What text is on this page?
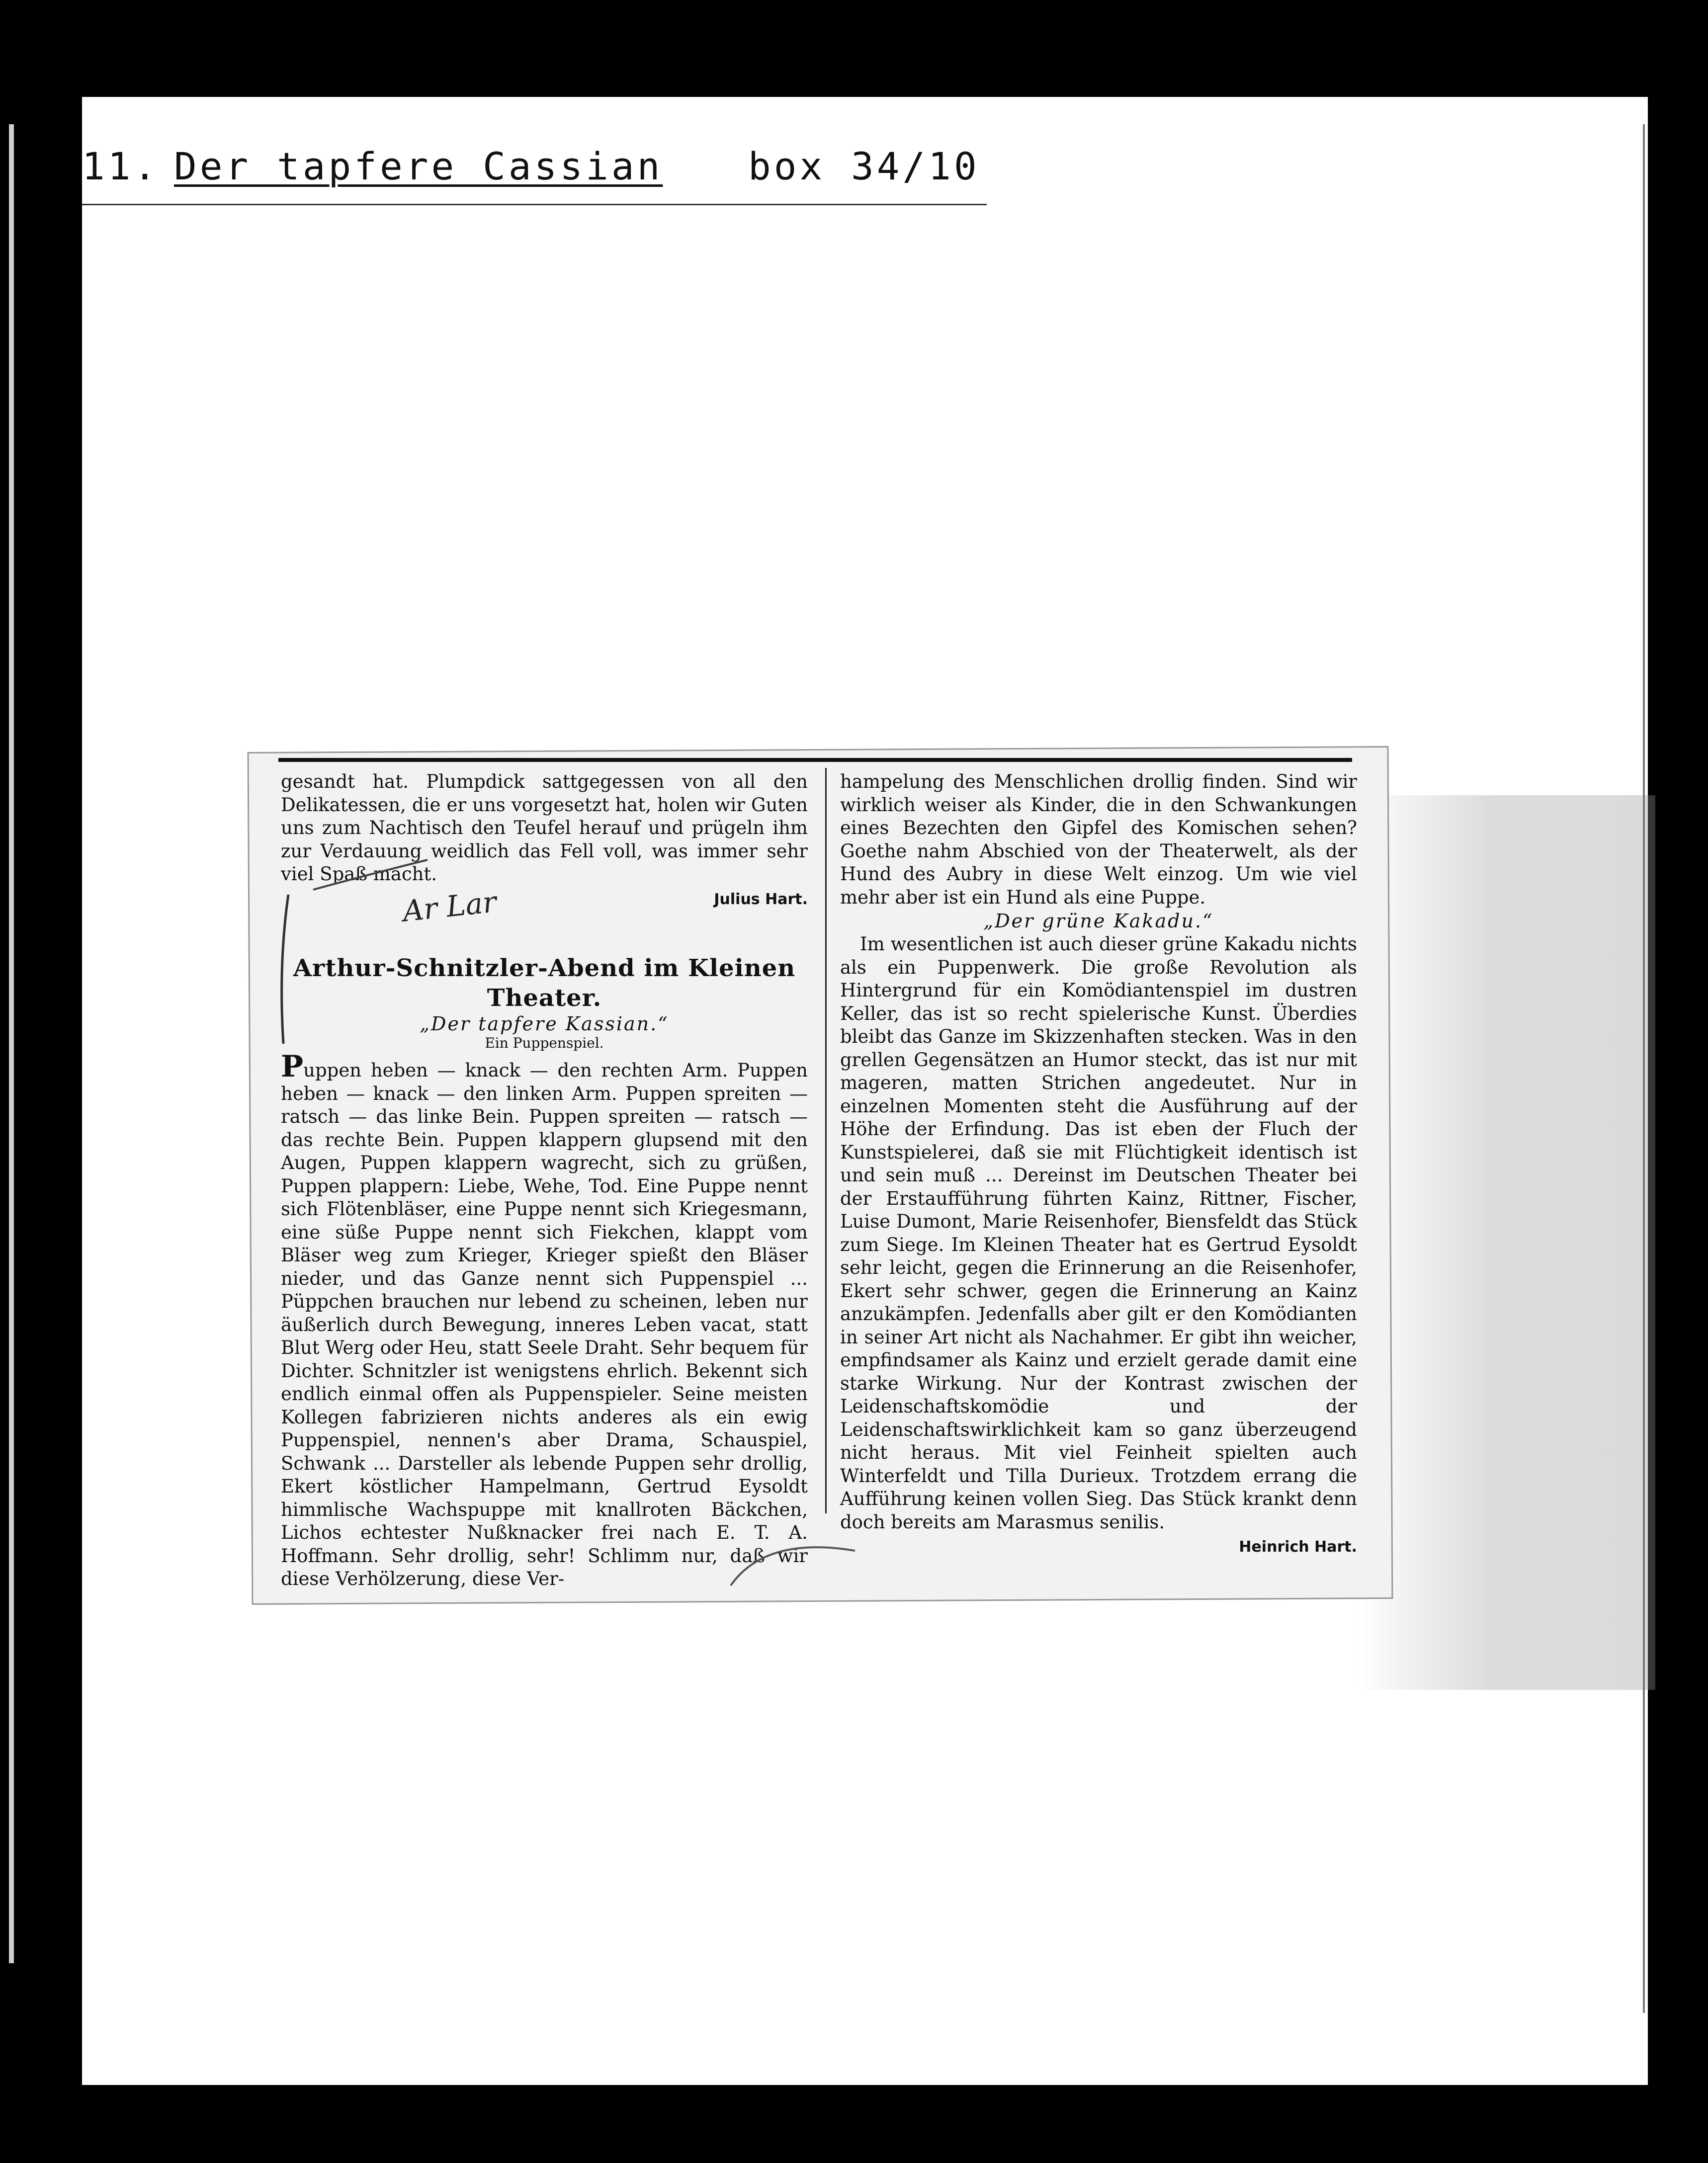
11. Der tapfere Cassian box 34/10

gesandt hat. Plumpdick sattgegessen von all den Delikatessen, die er uns vorgesetzt hat, holen wir Guten uns zum Nachtisch den Teufel herauf und prügeln ihm zur Verdauung weidlich das Fell voll, was immer sehr viel Spaß macht.

Julius Hart.
Arthur-Schnitzler-Abend im Kleinen Theater.
„Der tapfere Kassian.“
Ein Puppenspiel.

Puppen heben — knack — den rechten Arm. Puppen heben — knack — den linken Arm. Puppen spreiten — ratsch — das linke Bein. Puppen spreiten — ratsch — das rechte Bein. Puppen klappern glupsend mit den Augen, Puppen klappern wagrecht, sich zu grüßen, Puppen plappern: Liebe, Wehe, Tod. Eine Puppe nennt sich Flötenbläser, eine Puppe nennt sich Kriegesmann, eine süße Puppe nennt sich Fiekchen, klappt vom Bläser weg zum Krieger, Krieger spießt den Bläser nieder, und das Ganze nennt sich Puppenspiel ... Püppchen brauchen nur lebend zu scheinen, leben nur äußerlich durch Bewegung, inneres Leben vacat, statt Blut Werg oder Heu, statt Seele Draht. Sehr bequem für Dichter. Schnitzler ist wenigstens ehrlich. Bekennt sich endlich einmal offen als Puppenspieler. Seine meisten Kollegen fabrizieren nichts anderes als ein ewig Puppenspiel, nennen's aber Drama, Schauspiel, Schwank ... Darsteller als lebende Puppen sehr drollig, Ekert köstlicher Hampelmann, Gertrud Eysoldt himmlische Wachspuppe mit knallroten Bäckchen, Lichos echtester Nußknacker frei nach E. T. A. Hoffmann. Sehr drollig, sehr! Schlimm nur, daß wir diese Verhölzerung, diese Ver-

hampelung des Menschlichen drollig finden. Sind wir wirklich weiser als Kinder, die in den Schwankungen eines Bezechten den Gipfel des Komischen sehen? Goethe nahm Abschied von der Theaterwelt, als der Hund des Aubry in diese Welt einzog. Um wie viel mehr aber ist ein Hund als eine Puppe.

„Der grüne Kakadu.“

Im wesentlichen ist auch dieser grüne Kakadu nichts als ein Puppenwerk. Die große Revolution als Hintergrund für ein Komödiantenspiel im dustren Keller, das ist so recht spielerische Kunst. Überdies bleibt das Ganze im Skizzenhaften stecken. Was in den grellen Gegensätzen an Humor steckt, das ist nur mit mageren, matten Strichen angedeutet. Nur in einzelnen Momenten steht die Ausführung auf der Höhe der Erfindung. Das ist eben der Fluch der Kunstspielerei, daß sie mit Flüchtigkeit identisch ist und sein muß ... Dereinst im Deutschen Theater bei der Erstaufführung führten Kainz, Rittner, Fischer, Luise Dumont, Marie Reisenhofer, Biensfeldt das Stück zum Siege. Im Kleinen Theater hat es Gertrud Eysoldt sehr leicht, gegen die Erinnerung an die Reisenhofer, Ekert sehr schwer, gegen die Erinnerung an Kainz anzukämpfen. Jedenfalls aber gilt er den Komödianten in seiner Art nicht als Nachahmer. Er gibt ihn weicher, empfindsamer als Kainz und erzielt gerade damit eine starke Wirkung. Nur der Kontrast zwischen der Leidenschaftskomödie und der Leidenschaftswirklichkeit kam so ganz überzeugend nicht heraus. Mit viel Feinheit spielten auch Winterfeldt und Tilla Durieux. Trotzdem errang die Aufführung keinen vollen Sieg. Das Stück krankt denn doch bereits am Marasmus senilis.

Heinrich Hart.
Ar Lar
